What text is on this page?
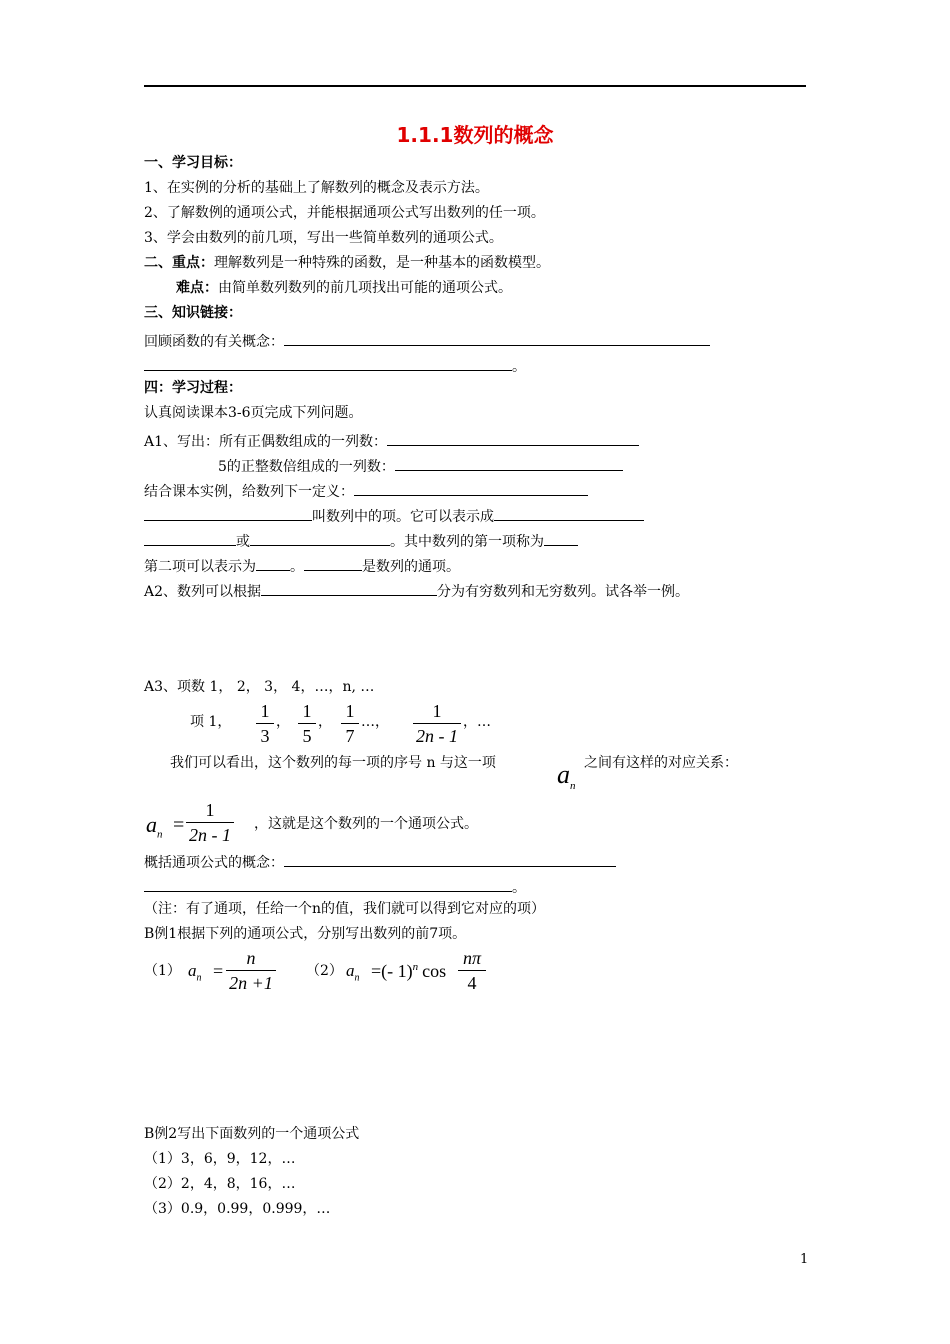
1.1.1数列的概念
一、学习目标：
1、在实例的分析的基础上了解数列的概念及表示方法。
2、了解数例的通项公式，并能根据通项公式写出数列的任一项。
3、学会由数列的前几项，写出一些简单数列的通项公式。
二、重点：理解数列是一种特殊的函数，是一种基本的函数模型。
难点：由简单数列数列的前几项找出可能的通项公式。
三、知识链接：
回顾函数的有关概念：
。
四：学习过程：
认真阅读课本3-6页完成下列问题。
A1、写出：所有正偶数组成的一列数：
5的正整数倍组成的一列数：
结合课本实例，给数列下一定义：
叫数列中的项。它可以表示成
或	。其中数列的第一项称为
第二项可以表示为 。	是数列的通项。
A2、数列可以根据	分为有穷数列和无穷数列。试各举一例。
A3、项数 1， 2， 3， 4，…，n, …
项 1，
1
3
，
1
5
，
1
7
…，
1
2n - 1
，…
我们可以看出，这个数列的每一项的序号 n 与这一项 $a_n$
之间有这样的对应关系：
$a_n$ =
1
2n - 1
，这就是这个数列的一个通项公式。
概括通项公式的概念：
。
（注：有了通项，任给一个n的值，我们就可以得到它对应的项）
B例1根据下列的通项公式，分别写出数列的前7项。
（1） $a_n$ =
n
2n +1
（2） $a_n$ =(- 1)$^n$ cos
nπ
4
B例2写出下面数列的一个通项公式
（1）3，6，9，12，…
（2）2，4，8，16，…
（3）0.9，0.99，0.999，…
1
